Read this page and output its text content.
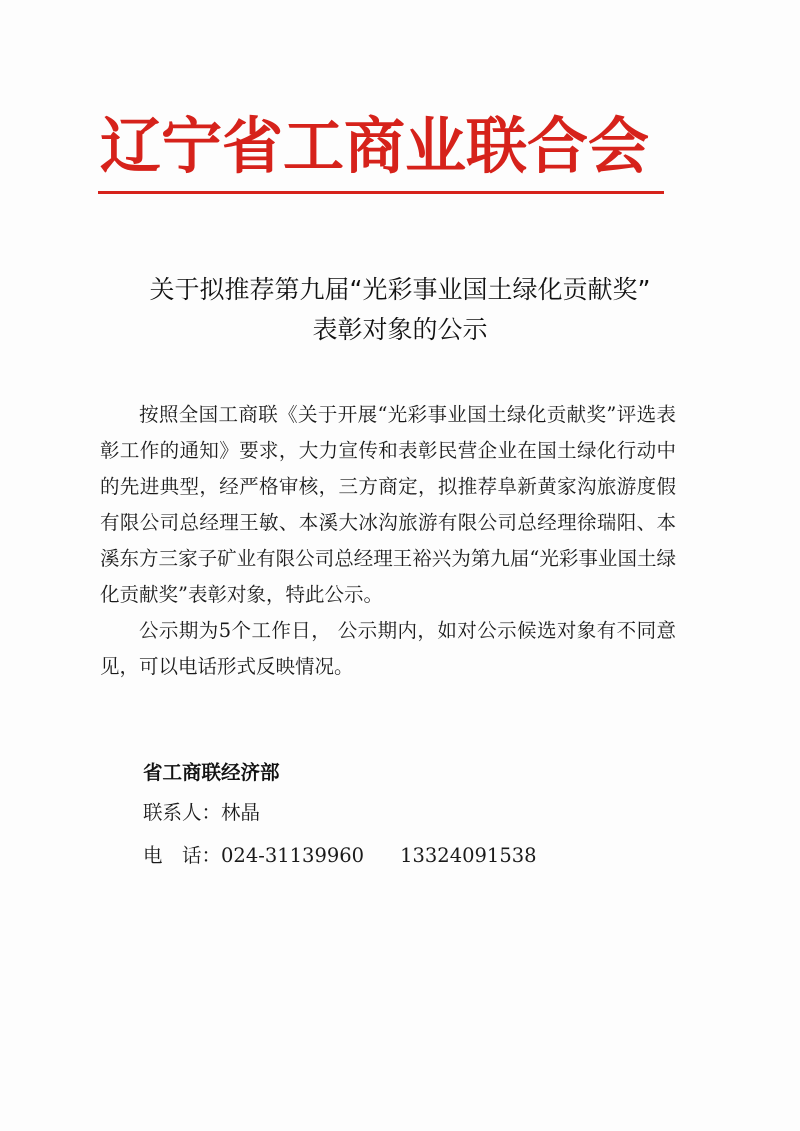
辽宁省工商业联合会
关于拟推荐第九届“光彩事业国土绿化贡献奖”
表彰对象的公示

按照全国工商联《关于开展“光彩事业国土绿化贡献奖”评选表彰工作的通知》要求，大力宣传和表彰民营企业在国土绿化行动中的先进典型，经严格审核，三方商定，拟推荐阜新黄家沟旅游度假有限公司总经理王敏、本溪大冰沟旅游有限公司总经理徐瑞阳、本溪东方三家子矿业有限公司总经理王裕兴为第九届“光彩事业国土绿化贡献奖”表彰对象，特此公示。

公示期为5个工作日， 公示期内，如对公示候选对象有不同意见，可以电话形式反映情况。

省工商联经济部
联系人：林晶
电　话：024-31139960 13324091538
